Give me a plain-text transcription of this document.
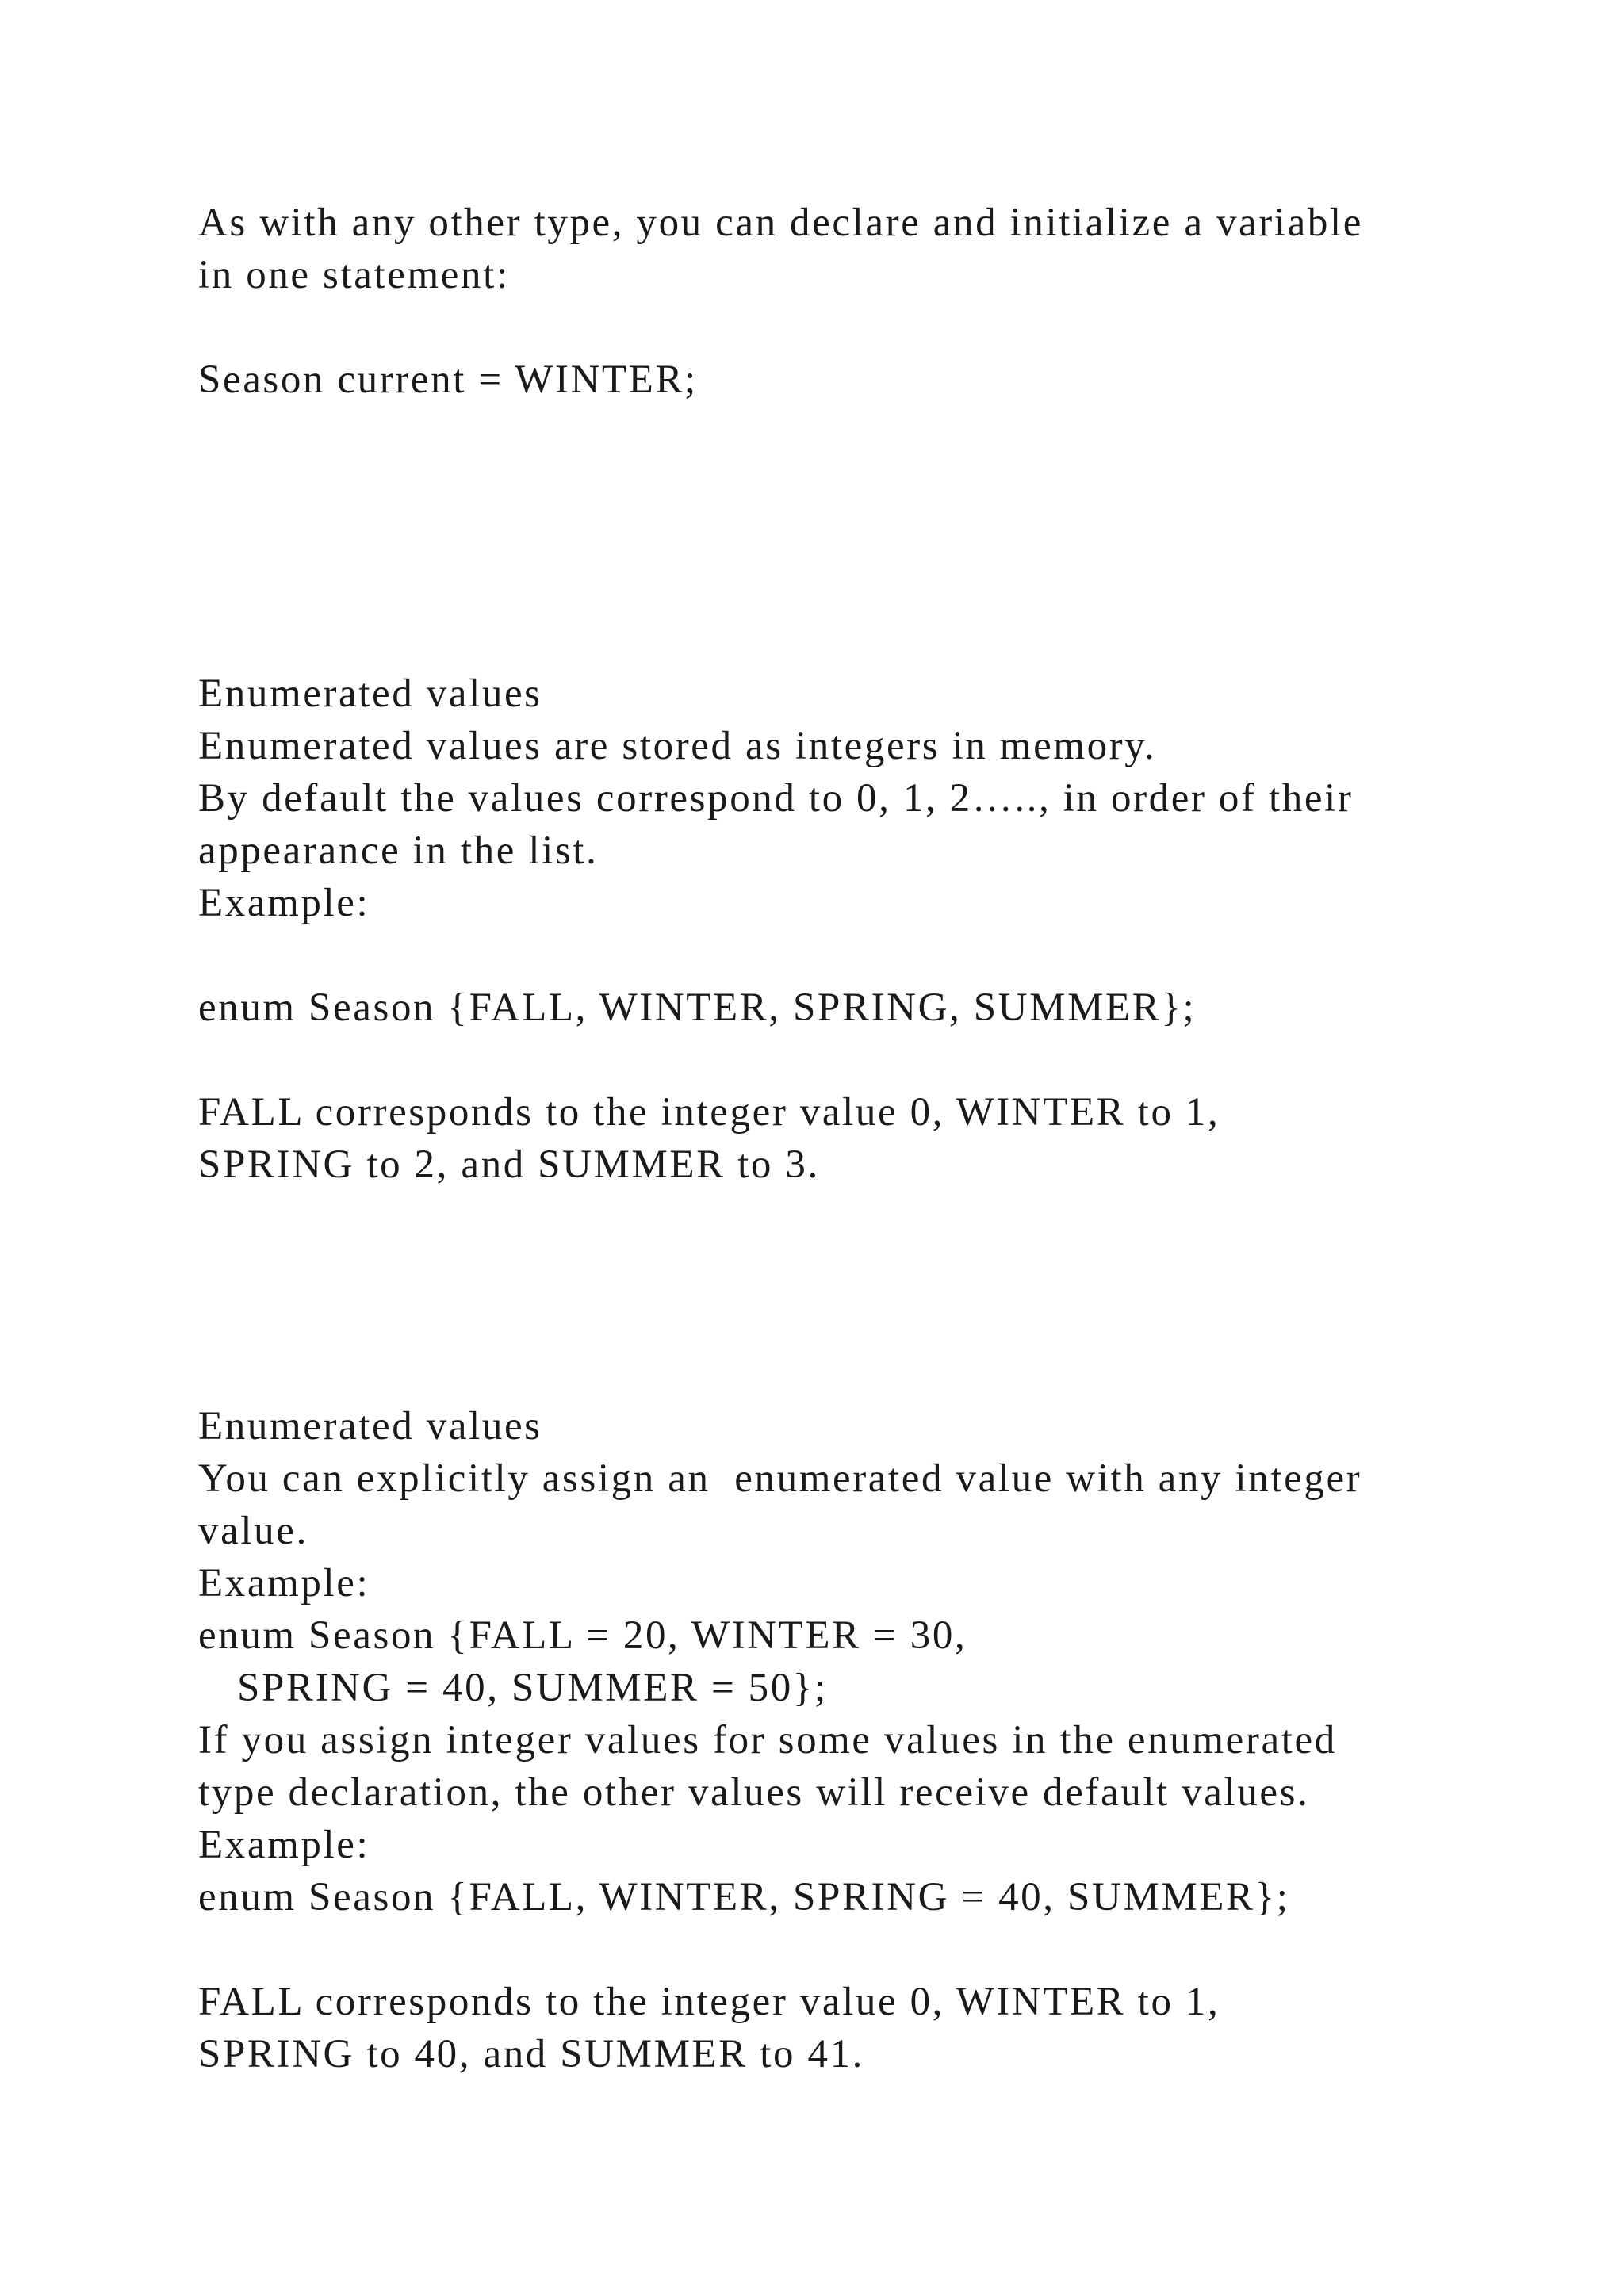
As with any other type, you can declare and initialize a variable

in one statement:

Season current = WINTER;

Enumerated values

Enumerated values are stored as integers in memory.

By default the values correspond to 0, 1, 2….., in order of their

appearance in the list.

Example:

enum Season {FALL, WINTER, SPRING, SUMMER};

FALL corresponds to the integer value 0, WINTER to 1,

SPRING to 2, and SUMMER to 3.

Enumerated values

You can explicitly assign an  enumerated value with any integer

value.

Example:

enum Season {FALL = 20, WINTER = 30,

SPRING = 40, SUMMER = 50};

If you assign integer values for some values in the enumerated

type declaration, the other values will receive default values.

Example:

enum Season {FALL, WINTER, SPRING = 40, SUMMER};

FALL corresponds to the integer value 0, WINTER to 1,

SPRING to 40, and SUMMER to 41.
